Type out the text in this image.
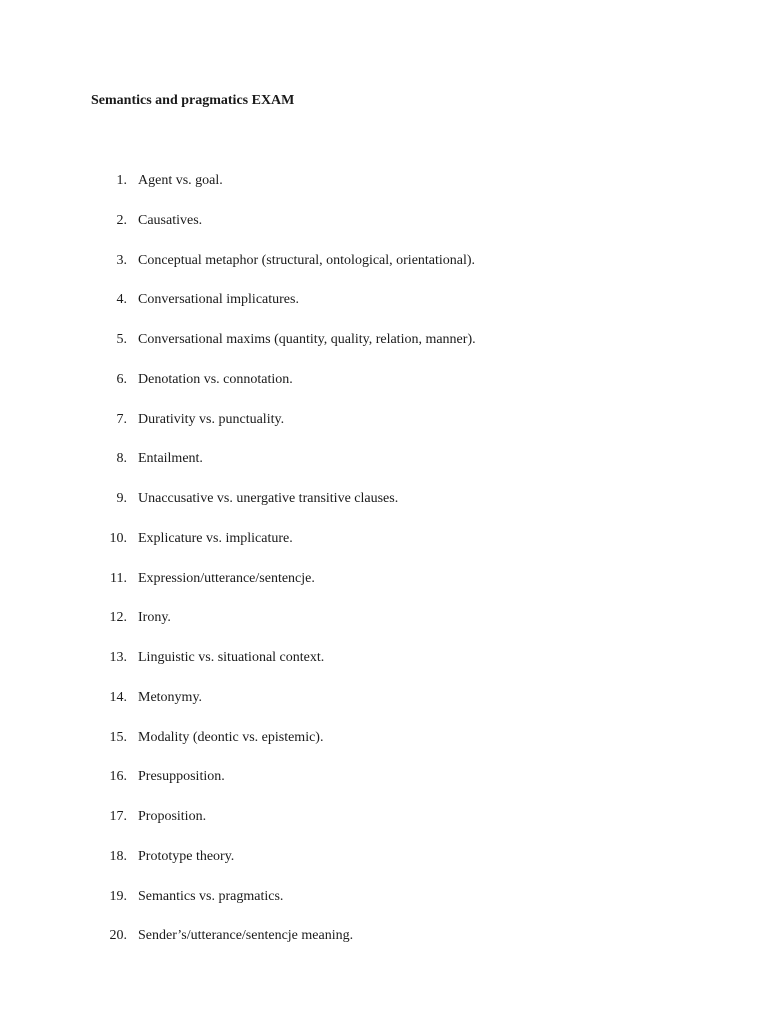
Semantics and pragmatics EXAM
1. Agent vs. goal.
2. Causatives.
3. Conceptual metaphor (structural, ontological, orientational).
4. Conversational implicatures.
5. Conversational maxims (quantity, quality, relation, manner).
6. Denotation vs. connotation.
7. Durativity vs. punctuality.
8. Entailment.
9. Unaccusative vs. unergative transitive clauses.
10. Explicature vs. implicature.
11. Expression/utterance/sentencje.
12. Irony.
13. Linguistic vs. situational context.
14. Metonymy.
15. Modality (deontic vs. epistemic).
16. Presupposition.
17. Proposition.
18. Prototype theory.
19. Semantics vs. pragmatics.
20. Sender’s/utterance/sentencje meaning.
